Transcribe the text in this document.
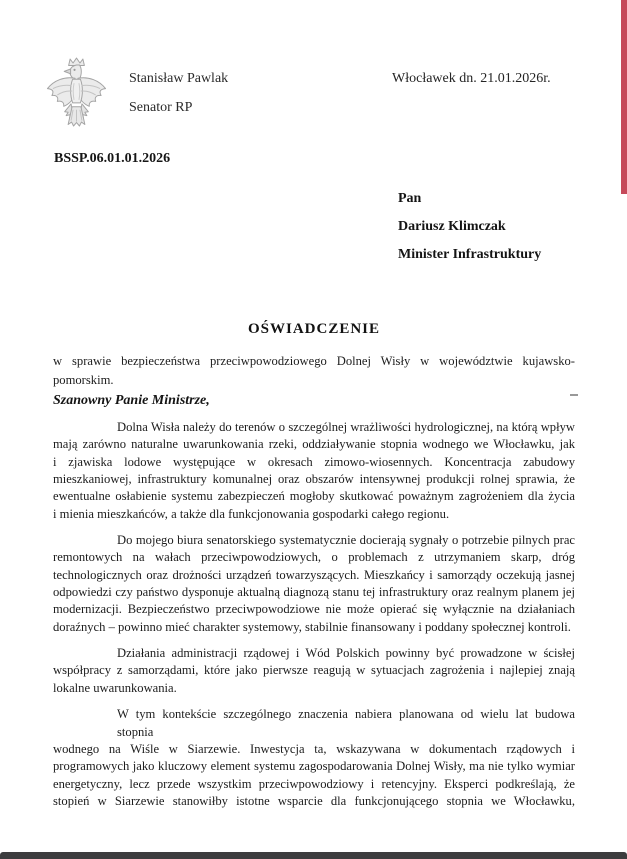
Stanisław Pawlak
Senator RP
Włocławek dn. 21.01.2026r.
BSSP.06.01.01.2026
Pan
Dariusz Klimczak
Minister Infrastruktury
OŚWIADCZENIE
w sprawie bezpieczeństwa przeciwpowodziowego Dolnej Wisły w województwie kujawsko-
pomorskim.
Szanowny Panie Ministrze,
Dolna Wisła należy do terenów o szczególnej wrażliwości hydrologicznej, na którą wpływ
mają zarówno naturalne uwarunkowania rzeki, oddziaływanie stopnia wodnego we Włocławku, jak
i zjawiska lodowe występujące w okresach zimowo-wiosennych. Koncentracja zabudowy
mieszkaniowej, infrastruktury komunalnej oraz obszarów intensywnej produkcji rolnej sprawia, że
ewentualne osłabienie systemu zabezpieczeń mogłoby skutkować poważnym zagrożeniem dla życia
i mienia mieszkańców, a także dla funkcjonowania gospodarki całego regionu.
Do mojego biura senatorskiego systematycznie docierają sygnały o potrzebie pilnych prac
remontowych na wałach przeciwpowodziowych, o problemach z utrzymaniem skarp, dróg
technologicznych oraz drożności urządzeń towarzyszących. Mieszkańcy i samorządy oczekują jasnej
odpowiedzi czy państwo dysponuje aktualną diagnozą stanu tej infrastruktury oraz realnym planem jej
modernizacji. Bezpieczeństwo przeciwpowodziowe nie może opierać się wyłącznie na działaniach
doraźnych – powinno mieć charakter systemowy, stabilnie finansowany i poddany społecznej kontroli.
Działania administracji rządowej i Wód Polskich powinny być prowadzone w ścisłej
współpracy z samorządami, które jako pierwsze reagują w sytuacjach zagrożenia i najlepiej znają
lokalne uwarunkowania.
W tym kontekście szczególnego znaczenia nabiera planowana od wielu lat budowa stopnia
wodnego na Wiśle w Siarzewie. Inwestycja ta, wskazywana w dokumentach rządowych i
programowych jako kluczowy element systemu zagospodarowania Dolnej Wisły, ma nie tylko wymiar
energetyczny, lecz przede wszystkim przeciwpowodziowy i retencyjny. Eksperci podkreślają, że
stopień w Siarzewie stanowiłby istotne wsparcie dla funkcjonującego stopnia we Włocławku,
